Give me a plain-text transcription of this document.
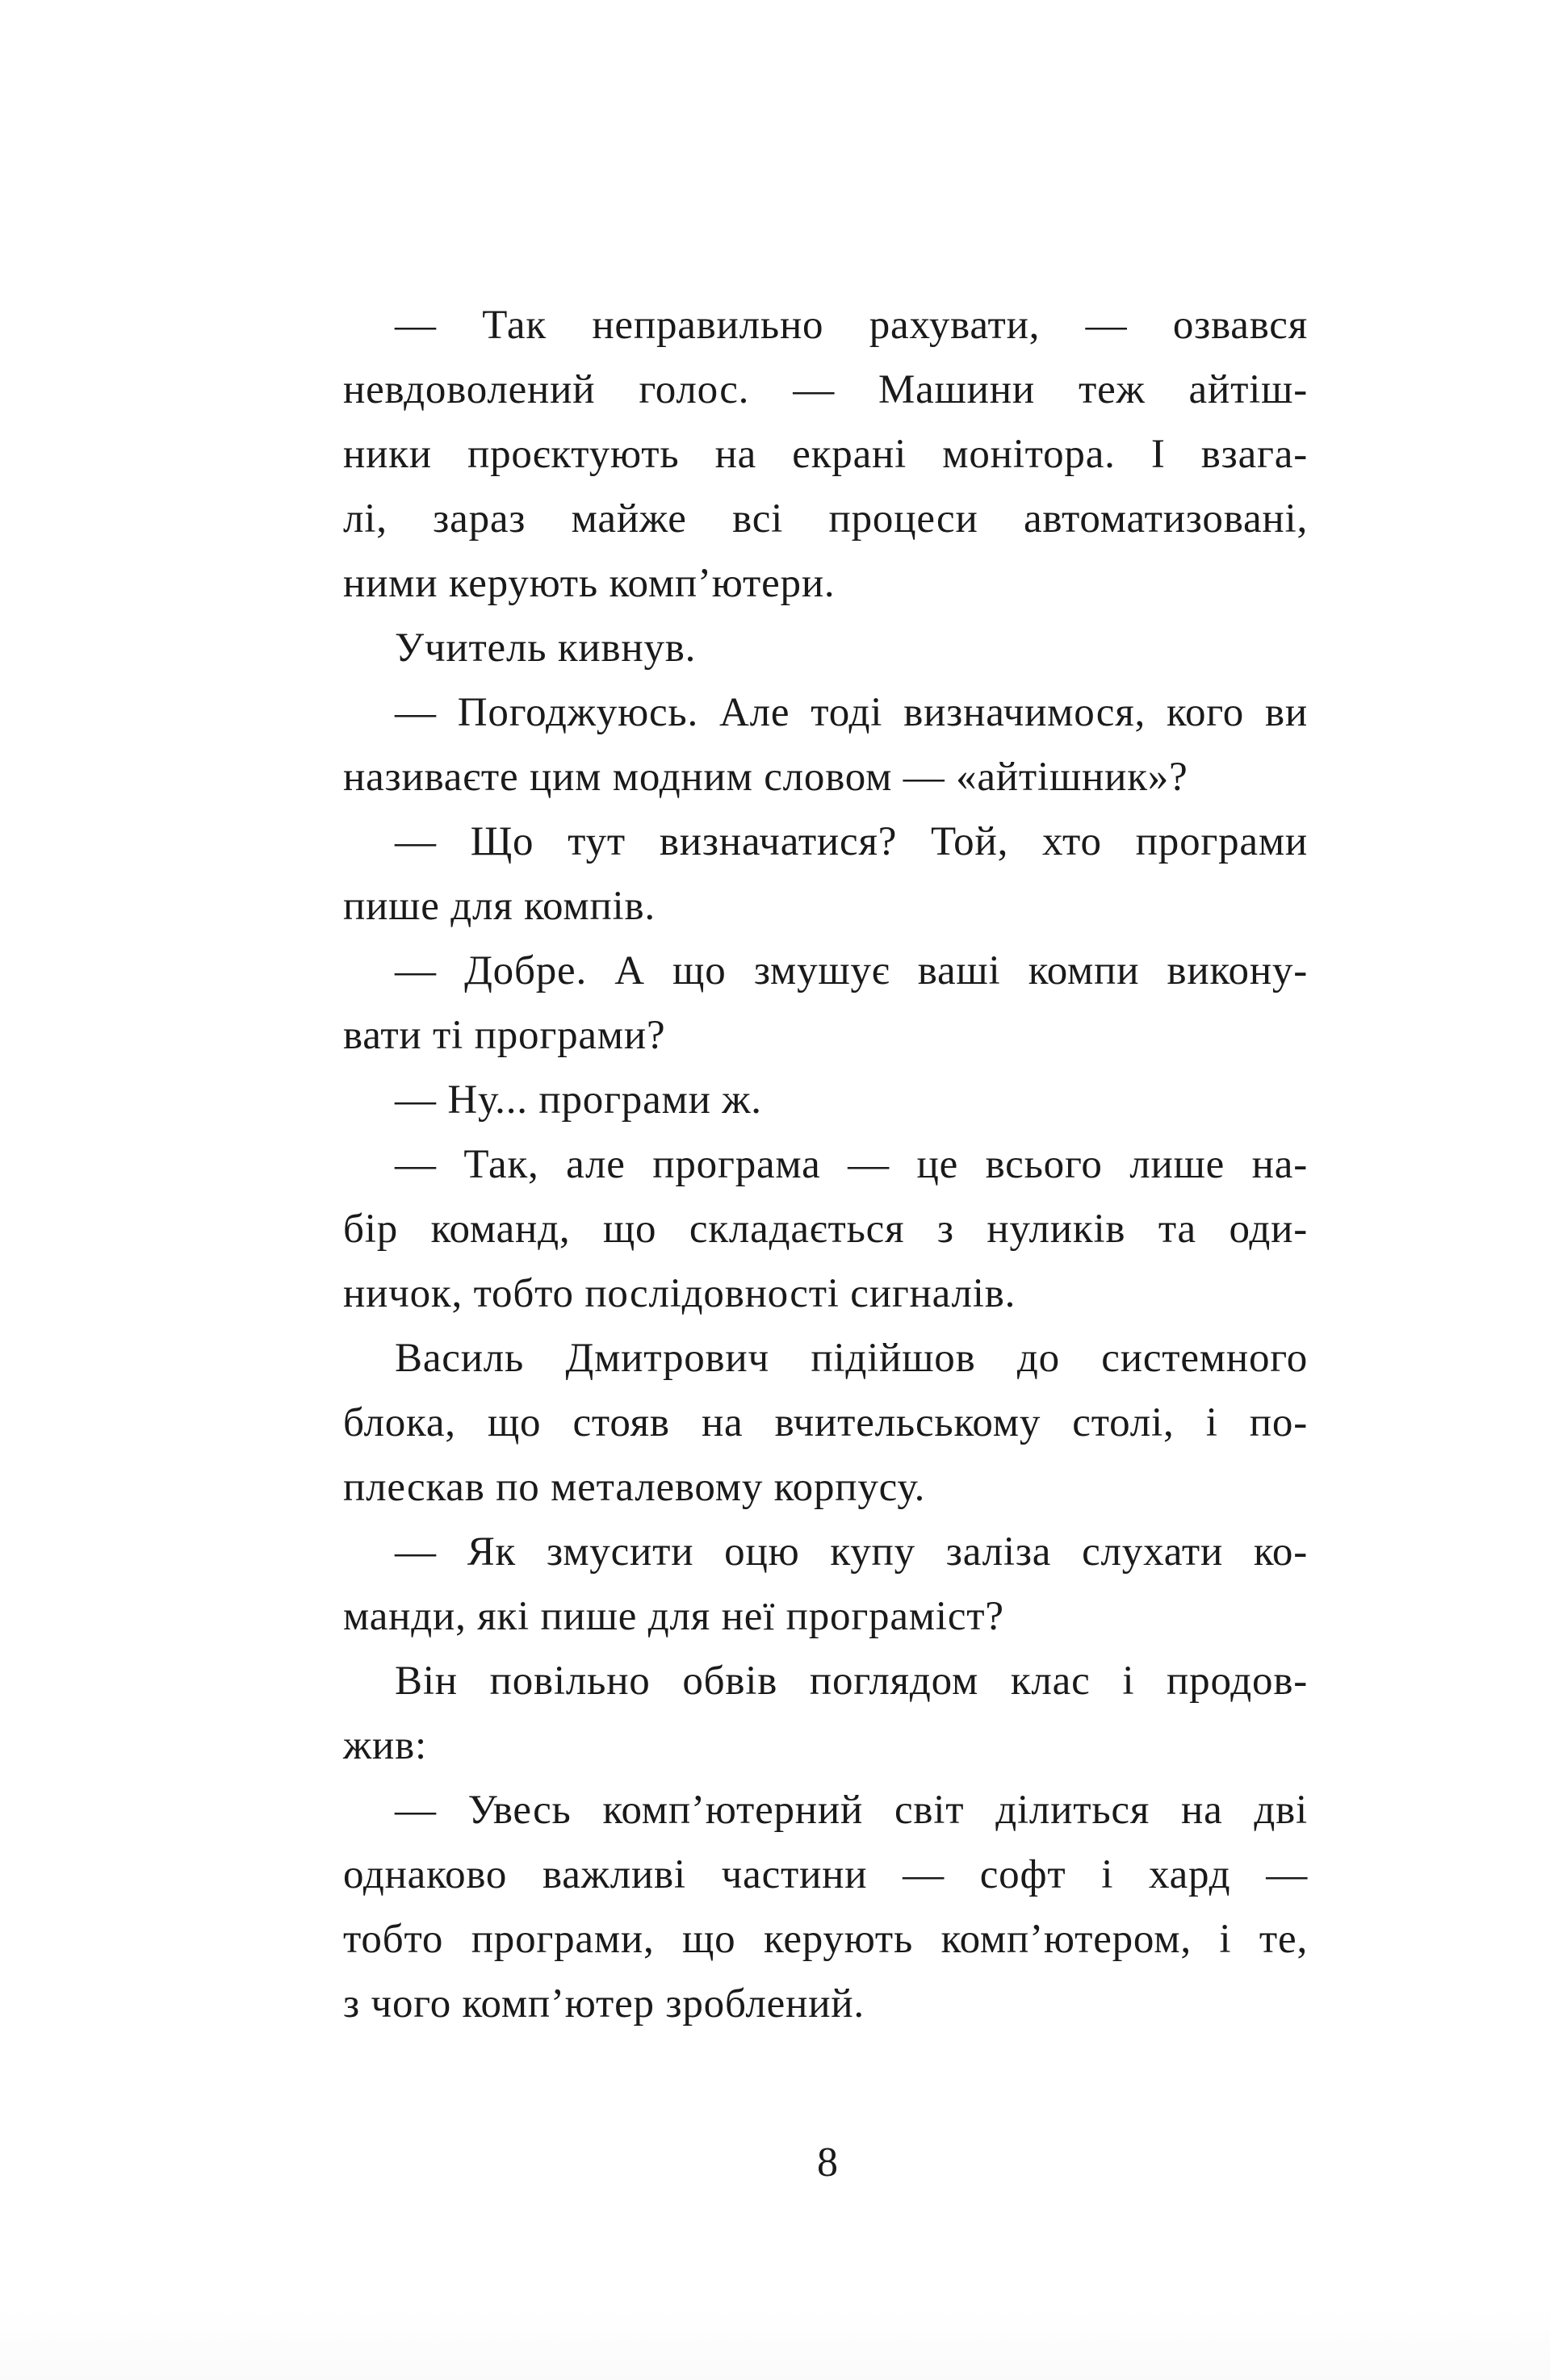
— Так неправильно рахувати, — озвався
невдоволений голос. — Машини теж айтіш-
ники проєктують на екрані монітора. І взага-
лі, зараз майже всі процеси автоматизовані,
ними керують комп’ютери.
Учитель кивнув.
— Погоджуюсь. Але тоді визначимося, кого ви
називаєте цим модним словом — «айтішник»?
— Що тут визначатися? Той, хто програми
пише для компів.
— Добре. А що змушує ваші компи викону-
вати ті програми?
— Ну... програми ж.
— Так, але програма — це всього лише на-
бір команд, що складається з нуликів та оди-
ничок, тобто послідовності сигналів.
Василь Дмитрович підійшов до системного
блока, що стояв на вчительському столі, і по-
плескав по металевому корпусу.
— Як змусити оцю купу заліза слухати ко-
манди, які пише для неї програміст?
Він повільно обвів поглядом клас і продов-
жив:
— Увесь комп’ютерний світ ділиться на дві
однаково важливі частини — софт і хард —
тобто програми, що керують комп’ютером, і те,
з чого комп’ютер зроблений.
8
